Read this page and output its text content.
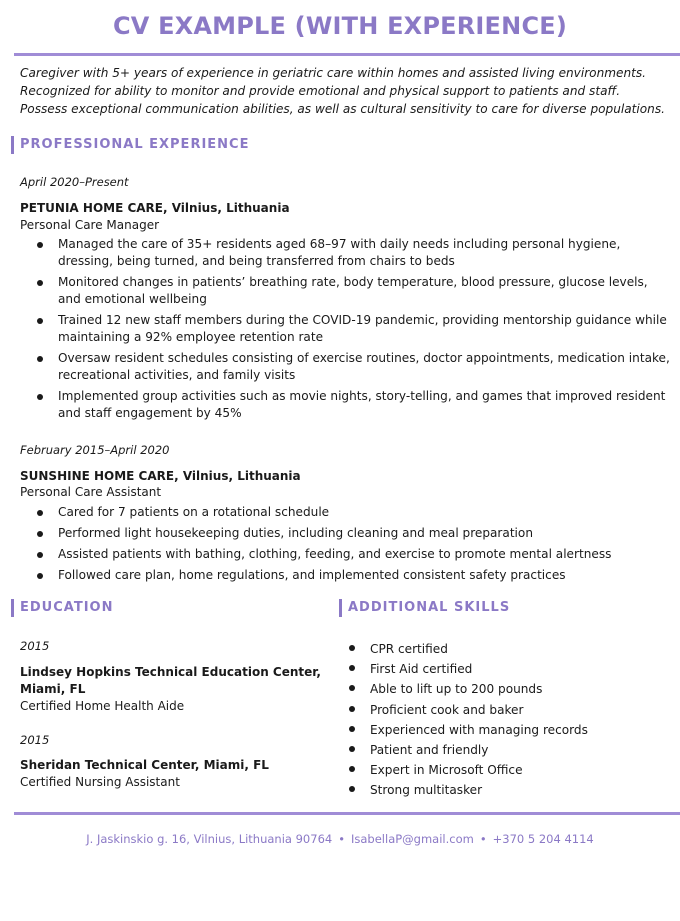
CV EXAMPLE (WITH EXPERIENCE)
Caregiver with 5+ years of experience in geriatric care within homes and assisted living environments. Recognized for ability to monitor and provide emotional and physical support to patients and staff. Possess exceptional communication abilities, as well as cultural sensitivity to care for diverse populations.
PROFESSIONAL EXPERIENCE
April 2020–Present
PETUNIA HOME CARE, Vilnius, Lithuania
Personal Care Manager
Managed the care of 35+ residents aged 68–97 with daily needs including personal hygiene, dressing, being turned, and being transferred from chairs to beds
Monitored changes in patients’ breathing rate, body temperature, blood pressure, glucose levels, and emotional wellbeing
Trained 12 new staff members during the COVID-19 pandemic, providing mentorship guidance while maintaining a 92% employee retention rate
Oversaw resident schedules consisting of exercise routines, doctor appointments, medication intake, recreational activities, and family visits
Implemented group activities such as movie nights, story-telling, and games that improved resident and staff engagement by 45%
February 2015–April 2020
SUNSHINE HOME CARE, Vilnius, Lithuania
Personal Care Assistant
Cared for 7 patients on a rotational schedule
Performed light housekeeping duties, including cleaning and meal preparation
Assisted patients with bathing, clothing, feeding, and exercise to promote mental alertness
Followed care plan, home regulations, and implemented consistent safety practices
EDUCATION
2015
Lindsey Hopkins Technical Education Center,
Miami, FL
Certified Home Health Aide
2015
Sheridan Technical Center, Miami, FL
Certified Nursing Assistant
ADDITIONAL SKILLS
CPR certified
First Aid certified
Able to lift up to 200 pounds
Proficient cook and baker
Experienced with managing records
Patient and friendly
Expert in Microsoft Office
Strong multitasker
J. Jaskinskio g. 16, Vilnius, Lithuania 90764 • IsabellaP@gmail.com • +370 5 204 4114
